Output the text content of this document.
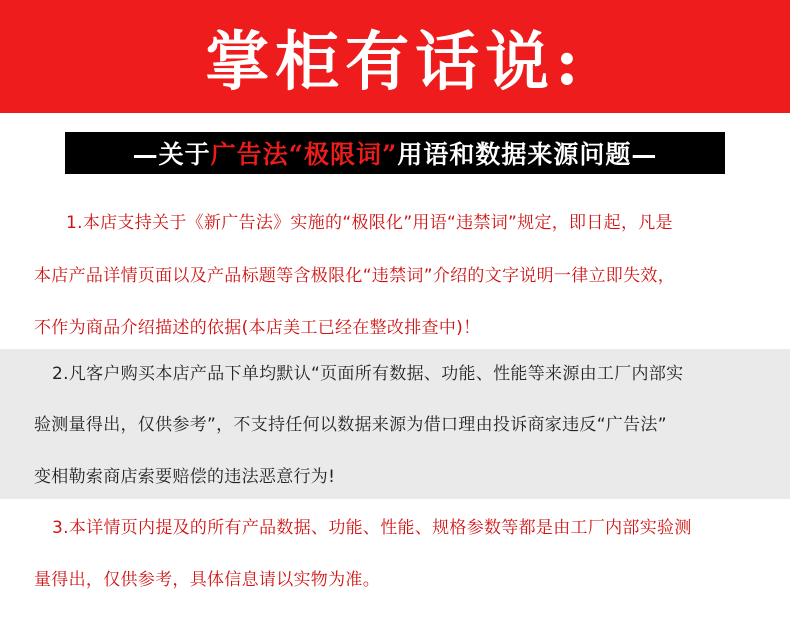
掌柜有话说:
—关于 广告法“极限词” 用语和数据来源问题—
1.本店支持关于《新广告法》实施的“极限化”用语“违禁词”规定，即日起，凡是
本店产品详情页面以及产品标题等含极限化“违禁词”介绍的文字说明一律立即失效，
不作为商品介绍描述的依据(本店美工已经在整改排查中)！
2.凡客户购买本店产品下单均默认“页面所有数据、功能、性能等来源由工厂内部实
验测量得出，仅供参考”，不支持任何以数据来源为借口理由投诉商家违反“广告法”
变相勒索商店索要赔偿的违法恶意行为!
3.本详情页内提及的所有产品数据、功能、性能、规格参数等都是由工厂内部实验测
量得出，仅供参考，具体信息请以实物为准。
